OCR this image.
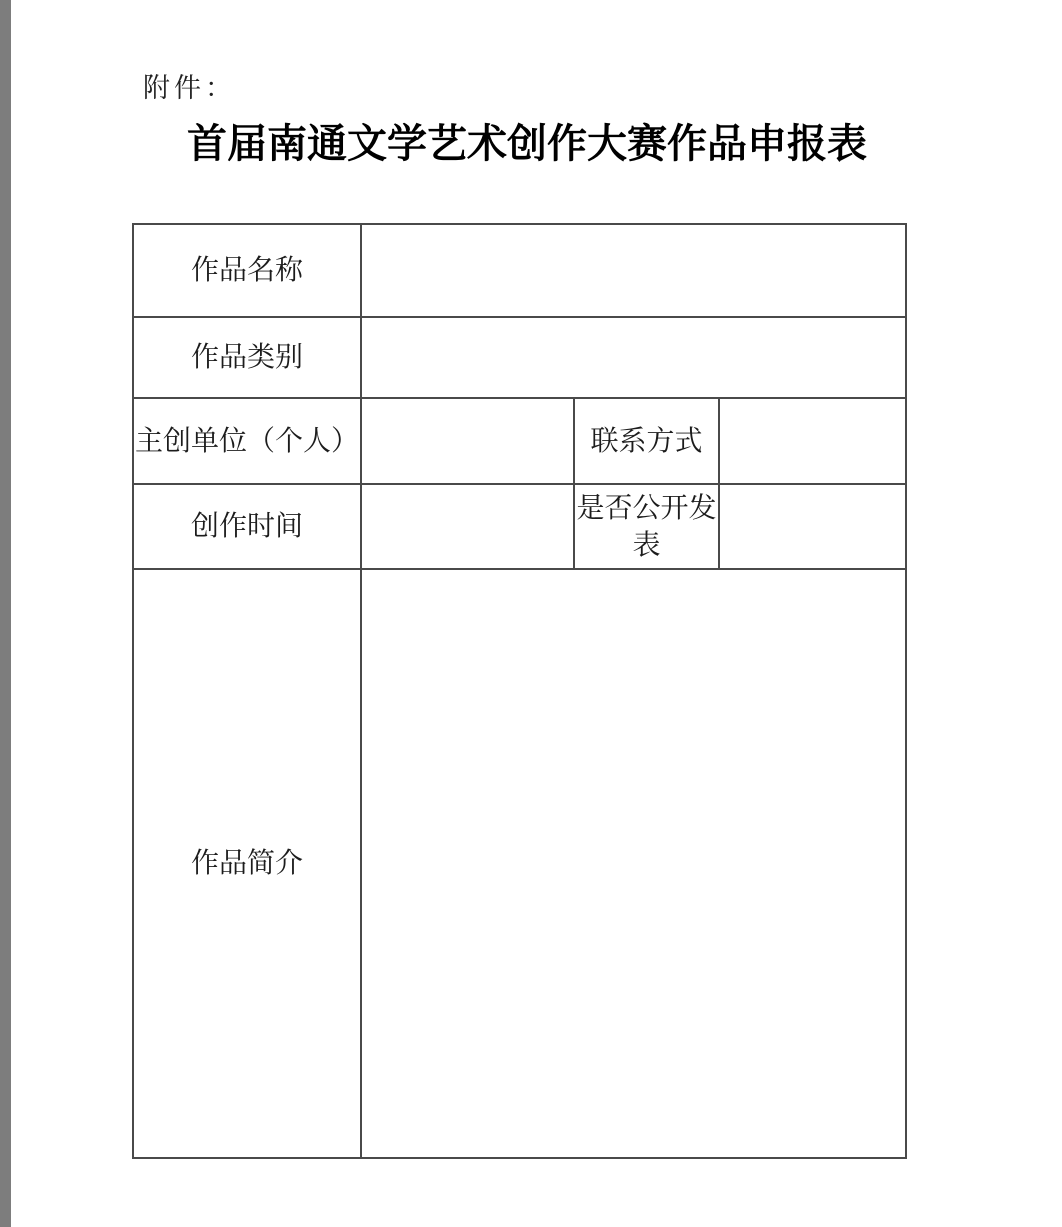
附件：
首届南通文学艺术创作大赛作品申报表
作品名称			
作品类别			
主创单位（个人）		联系方式	
创作时间		是否公开发表	
作品简介			
